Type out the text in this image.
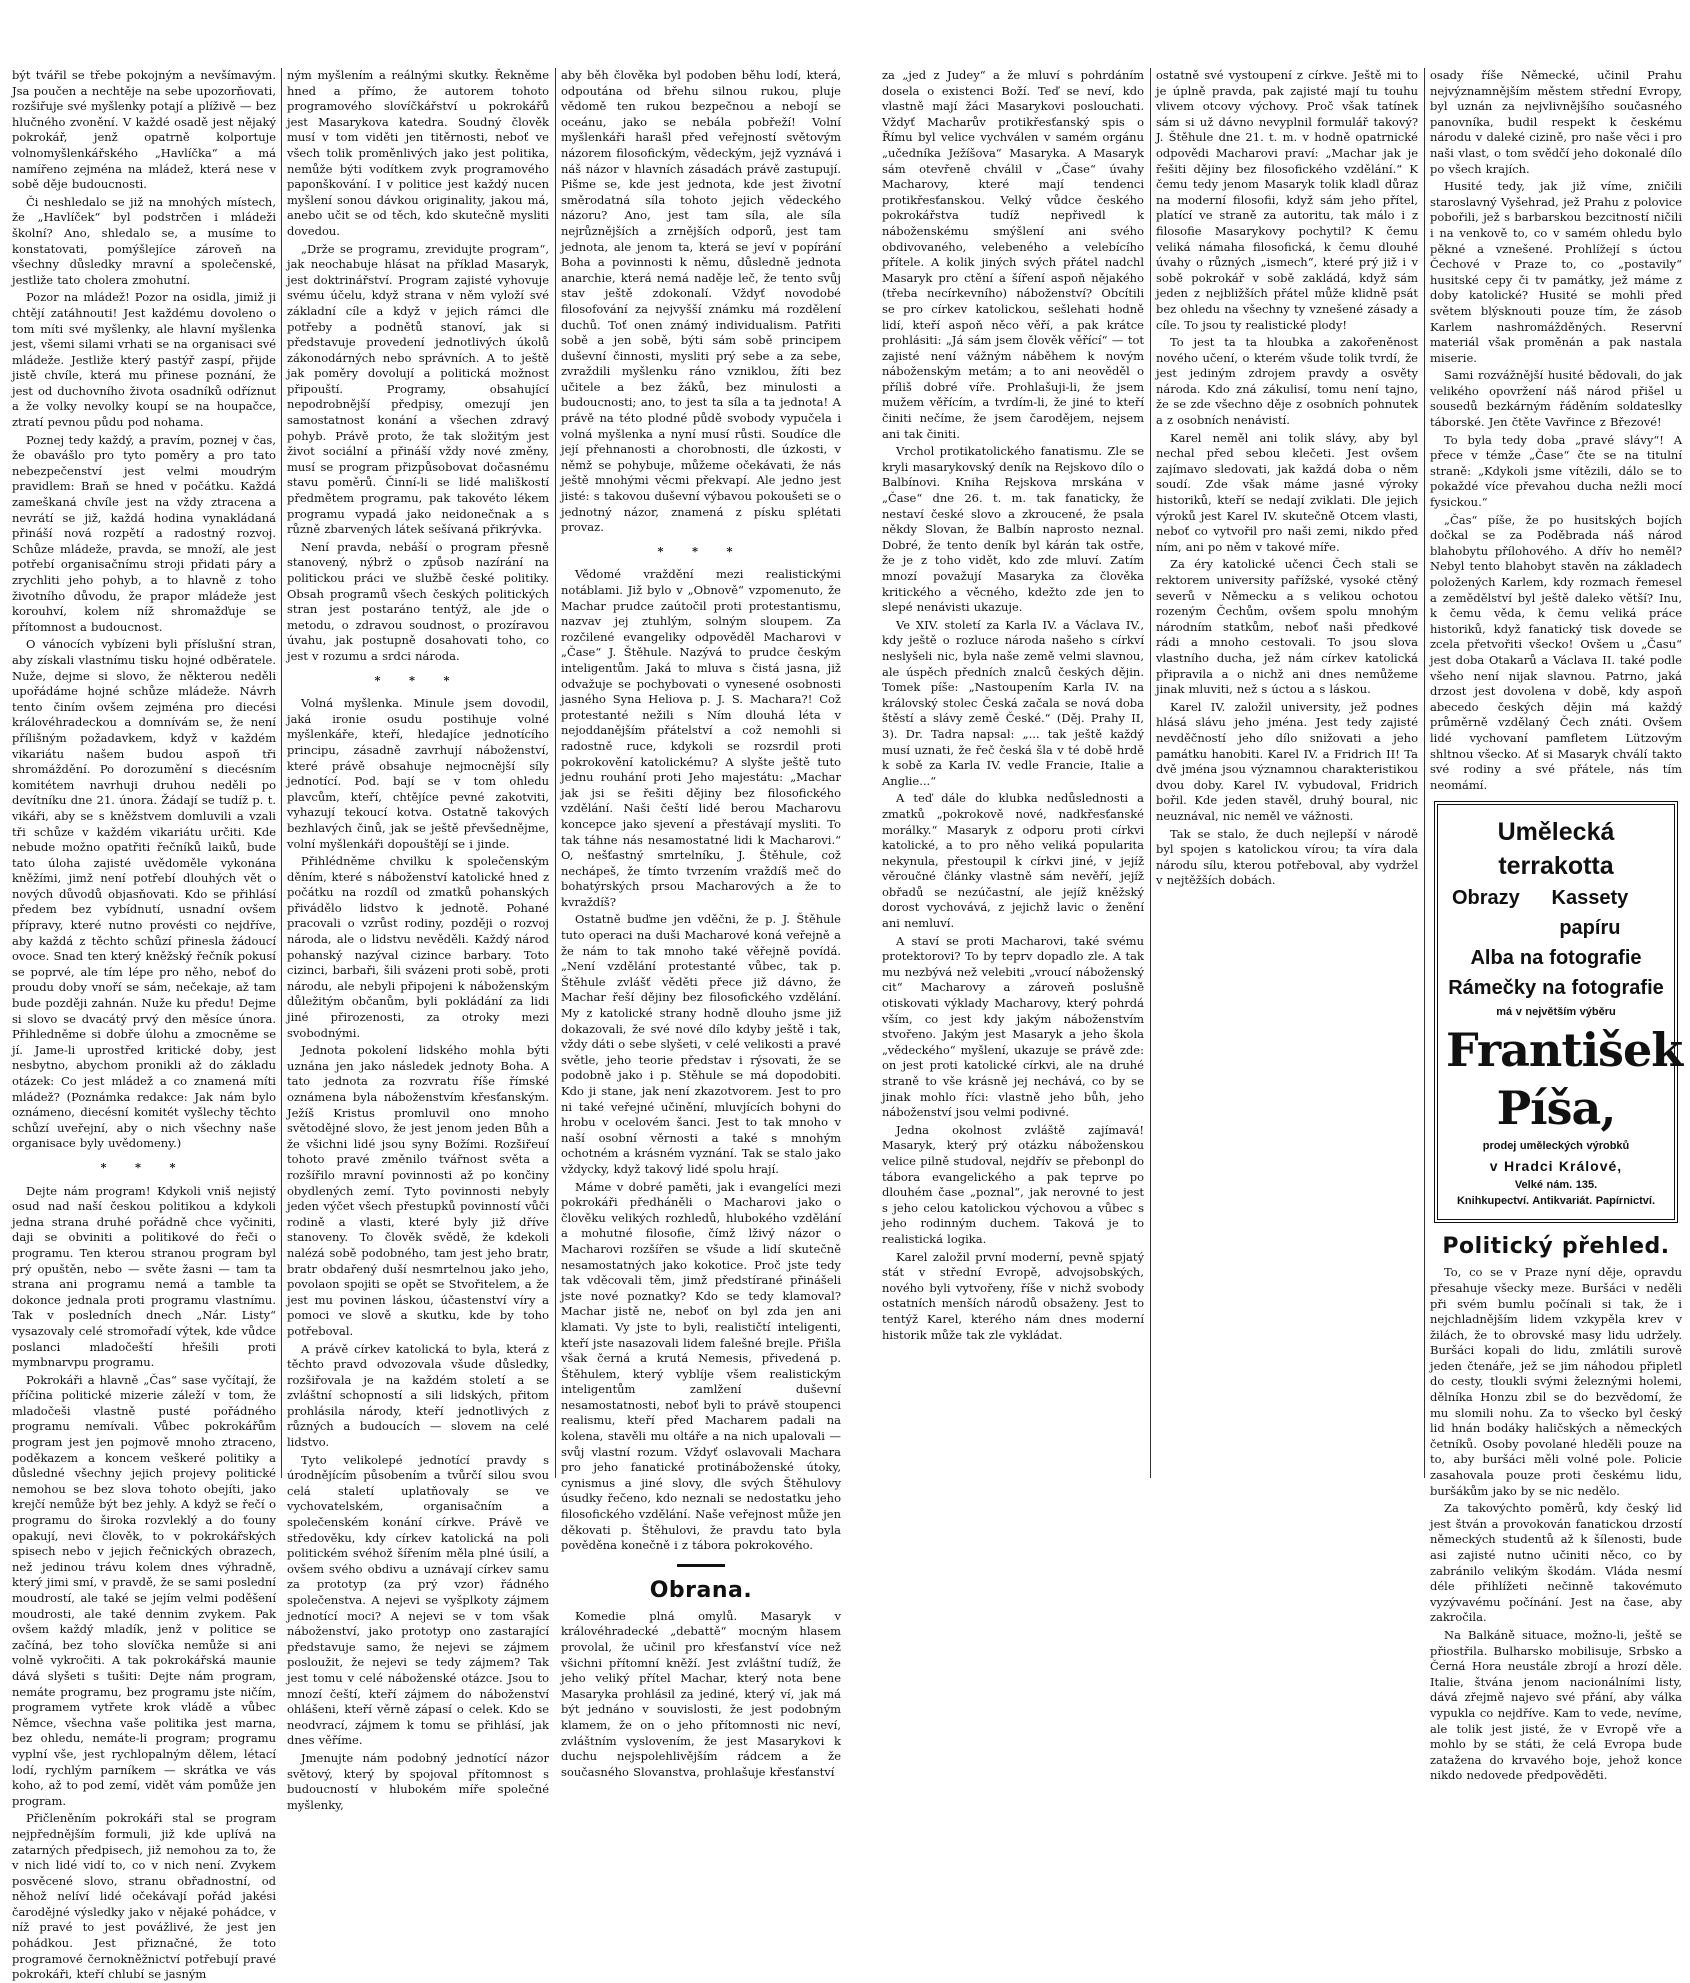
být tvářil se třebe pokojným a nevšímavým. Jsa poučen a nechtěje na sebe upozorňovati, rozšiřuje své myšlenky potají a plíživě — bez hlučného zvonění. V každé osadě jest nějaký pokrokář, jenž opatrně kolportuje volnomyšlenkářského „Havlíčka“ a má namířeno zejména na mládež, která nese v sobě děje budoucnosti.

Či neshledalo se již na mnohých místech, že „Havlíček“ byl podstrčen i mládeži školní? Ano, shledalo se, a musíme to konstatovati, pomýšlejíce zároveň na všechny důsledky mravní a společenské, jestliže tato cholera zmohutní.

Pozor na mládež! Pozor na osidla, jimiž ji chtějí zatáhnouti! Jest každému dovoleno o tom míti své myšlenky, ale hlavní myšlenka jest, všemi silami vrhati se na organisaci své mládeže. Jestliže který pastýř zaspí, přijde jistě chvíle, která mu přinese poznání, že jest od duchovního života osadníků odříznut a že volky nevolky koupí se na houpačce, ztratí pevnou půdu pod nohama.

Poznej tedy každý, a pravím, poznej v čas, že obavášlo pro tyto poměry a pro tato nebezpečenství jest velmi moudrým pravidlem: Braň se hned v počátku. Každá zameškaná chvíle jest na vždy ztracena a nevrátí se již, každá hodina vynakládaná přináší nová rozpětí a radostný rozvoj. Schůze mládeže, pravda, se množí, ale jest potřebí organisačnímu stroji přidati páry a zrychliti jeho pohyb, a to hlavně z toho životního důvodu, že prapor mládeže jest korouhví, kolem níž shromažďuje se přítomnost a budoucnost.

O vánocích vybízeni byli příslušní stran, aby získali vlastnímu tisku hojné odběratele. Nuže, dejme si slovo, že některou neděli upořádáme hojné schůze mládeže. Návrh tento činím ovšem zejména pro diecési královéhradeckou a domnívám se, že není přílišným požadavkem, když v každém vikariátu našem budou aspoň tři shromáždění. Po dorozumění s diecésním komitétem navrhuji druhou neděli po devítníku dne 21. února. Žádají se tudíž p. t. vikáři, aby se s kněžstvem domluvili a vzali tři schůze v každém vikariátu určiti. Kde nebude možno opatřiti řečníků laiků, bude tato úloha zajisté uvědoměle vykonána kněžími, jimž není potřebí dlouhých vět o nových důvodů objasňovati. Kdo se přihlásí předem bez vybídnutí, usnadní ovšem přípravy, které nutno provésti co nejdříve, aby každá z těchto schůzí přinesla žádoucí ovoce. Snad ten který kněžský řečník pokusí se poprvé, ale tím lépe pro něho, neboť do proudu doby vnoří se sám, nečekaje, až tam bude později zahnán. Nuže ku předu! Dejme si slovo se dvacátý prvý den měsíce února. Přihledněme si dobře úlohu a zmocněme se jí. Jame-li uprostřed kritické doby, jest nesbytno, abychom pronikli až do základu otázek: Co jest mládež a co znamená míti mládež? (Poznámka redakce: Jak nám bylo oznámeno, diecésní komitét vyšlechy těchto schůzí uveřejní, aby o nich všechny naše organisace byly uvědomeny.)

* * *

Dejte nám program! Kdykoli vniš nejistý osud nad naší českou politikou a kdykoli jedna strana druhé pořádně chce vyčiniti, daji se obviniti a politikové do řeči o programu. Ten kterou stranou program byl prý opuštěn, nebo — světe žasni — tam ta strana ani programu nemá a tamble ta dokonce jednala proti programu vlastnímu. Tak v posledních dnech „Nár. Listy“ vysazovaly celé stromořadí výtek, kde vůdce poslanci mladočeští hřešili proti mymbnarvpu programu.

Pokrokáři a hlavně „Čas“ sase vyčítají, že příčina politické mizerie záleží v tom, že mladočeši vlastně pusté pořádného programu nemívali. Vůbec pokrokářům program jest jen pojmově mnoho ztraceno, poděkazem a koncem veškeré politiky a důsledné všechny jejich projevy politické nemohou se bez slova tohoto obejíti, jako krejčí nemůže být bez jehly. A když se řečí o programu do široka rozvleklý a do ťouny opakují, nevi člověk, to v pokrokářských spisech nebo v jejich řečnických obrazech, než jedinou trávu kolem dnes výhradně, který jimi smí, v pravdě, že se sami poslední moudrostí, ale také se jejím velmi poděšení moudrosti, ale také dennim zvykem. Pak ovšem každý mladík, jenž v politice se začíná, bez toho slovíčka nemůže si ani volně vykročiti. A tak pokrokářská maunie dává slyšeti s tušiti: Dejte nám program, nemáte programu, bez programu jste ničím, programem vytřete krok vládě a vůbec Němce, všechna vaše politika jest marna, bez ohledu, nemáte-li program; programu vyplní vše, jest rychlopalným dělem, létací lodí, rychlým parníkem — skrátka ve vás koho, až to pod zemí, vidět vám pomůže jen program.

Přičleněním pokrokáři stal se program nejpřednějším formuli, již kde uplívá na zatarných předpisech, již nemohou za to, že v nich lidé vidí to, co v nich není. Zvykem posvěcené slovo, stranu obřadnostní, od něhož nelíví lidé očekávají pořád jakési čarodějné výsledky jako v nějaké pohádce, v níž pravé to jest povážlivé, že jest jen pohádkou. Jest přiznačné, že toto programové černokněžnictví potřebují pravé pokrokáři, kteří chlubí se jasným

ným myšlením a reálnými skutky. Řekněme hned a přímo, že autorem tohoto programového slovíčkářství u pokrokářů jest Masarykova katedra. Soudný člověk musí v tom viděti jen titěrnosti, neboť ve všech tolik proměnlivých jako jest politika, nemůže býti vodítkem zvyk programového paponškování. I v politice jest každý nucen myšlení sonou dávkou originality, jakou má, anebo učit se od těch, kdo skutečně mysliti dovedou.

„Drže se programu, zrevidujte program“, jak neochabuje hlásat na příklad Masaryk, jest doktrinářství. Program zajisté vyhovuje svému účelu, když strana v něm vyloží své základní cíle a když v jejich rámci dle potřeby a podnětů stanoví, jak si představuje provedení jednotlivých úkolů zákonodárných nebo správních. A to ještě jak poměry dovolují a politická možnost připouští. Programy, obsahující nepodrobnější předpisy, omezují jen samostatnost konání a všechen zdravý pohyb. Právě proto, že tak složitým jest život sociální a přináší vždy nové změny, musí se program přizpůsobovat dočasnému stavu poměrů. Činní-li se lidé mališkostí předmětem programu, pak takovéto lékem programu vypadá jako neidonečnak a s různě zbarvených látek sešívaná přikrývka.

Není pravda, nebáší o program přesně stanovený, nýbrž o způsob nazírání na politickou práci ve službě české politiky. Obsah programů všech českých politických stran jest postaráno tentýž, ale jde o metodu, o zdravou soudnost, o prozíravou úvahu, jak postupně dosahovati toho, co jest v rozumu a srdci národa.

* * *

Volná myšlenka. Minule jsem dovodil, jaká ironie osudu postihuje volné myšlenkáře, kteří, hledajíce jednotícího principu, zásadně zavrhují náboženství, které právě obsahuje nejmocnější síly jednotící. Pod. bají se v tom ohledu plavcům, kteří, chtějíce pevné zakotviti, vyhazují tekoucí kotva. Ostatně takových bezhlavých činů, jak se ještě převšednějme, volní myšlenkáři dopouštějí se i jinde.

Přihlédněme chvilku k společenským děním, které s náboženství katolické hned z počátku na rozdíl od zmatků pohanských přivádělo lidstvo k jednotě. Pohané pracovali o vzrůst rodiny, později o rozvoj národa, ale o lidstvu nevěděli. Každý národ pohanský nazýval cizince barbary. Toto cizinci, barbaři, šili svázeni proti sobě, proti národu, ale nebyli připojeni k náboženským důležitým občanům, byli pokládání za lidi jiné přirozenosti, za otroky mezi svobodnými.

Jednota pokolení lidského mohla býti uznána jen jako následek jednoty Boha. A tato jednota za rozvratu říše římské oznámena byla náboženstvím křesťanským. Ježíš Kristus promluvil ono mnoho světodějné slovo, že jest jenom jeden Bůh a že všichni lidé jsou syny Božími. Rozšiřeuí tohoto pravé změnilo tvářnost světa a rozšířilo mravní povinnosti až po končiny obydlených zemí. Tyto povinnosti nebyly jeden výčet všech přestupků povinností vůči rodině a vlasti, které byly již dříve stanoveny. To člověk svědě, že kdekoli nalézá sobě podobného, tam jest jeho bratr, bratr obdařený duší nesmrtelnou jako jeho, povolaon spojiti se opět se Stvořitelem, a že jest mu povinen láskou, účastenství víry a pomoci ve slově a skutku, kde by toho potřeboval.

A právě církev katolická to byla, která z těchto pravd odvozovala všude důsledky, rozšiřovala je na každém století a se zvláštní schopností a sili lidských, přitom prohlásila národy, kteří jednotlivých z různých a budoucích — slovem na celé lidstvo.

Tyto velikolepé jednotící pravdy s úrodnějícím působením a tvůrčí silou svou celá staletí uplatňovaly se ve vychovatelském, organisačním a společenském konání církve. Právě ve středověku, kdy církev katolická na poli politickém svéhož šířením měla plné úsilí, a ovšem svého obdivu a uznávají církev samu za prototyp (za prý vzor) řádného společenstva. A nejevi se vyšplkoty zájmem jednotící moci? A nejevi se v tom však náboženství, jako prototyp ono zastarající představuje samo, že nejevi se zájmem posloužit, že nejevi se tedy zájmem? Tak jest tomu v celé náboženské otázce. Jsou to mnozí čeští, kteří zájmem do náboženství ohlášeni, kteří věrně zápasí o celek. Kdo se neodvrací, zájmem k tomu se přihlásí, jak dnes věříme.

Jmenujte nám podobný jednotící názor světový, který by spojoval přítomnost s budoucností v hlubokém míře společné myšlenky,

aby běh člověka byl podoben běhu lodí, která, odpoutána od břehu silnou rukou, pluje vědomě ten rukou bezpečnou a nebojí se oceánu, jako se nebála pobřeží! Volní myšlenkáři harašl před veřejností světovým názorem filosofickým, vědeckým, jejž vyznává i náš názor v hlavních zásadách právě zastupují. Pišme se, kde jest jednota, kde jest životní směrodatná síla tohoto jejich vědeckého názoru? Ano, jest tam síla, ale síla nejrůznějších a zrnějších odporů, jest tam jednota, ale jenom ta, která se jeví v popírání Boha a povinnosti k němu, důsledně jednota anarchie, která nemá naděje leč, že tento svůj stav ještě zdokonalí. Vždyť novodobé filosofování za nejvyšší známku má rozdělení duchů. Toť onen známý individualism. Patřiti sobě a jen sobě, býti sám sobě principem duševní činnosti, mysliti prý sebe a za sebe, zvraždili myšlenku ráno vzniklou, žíti bez učitele a bez žáků, bez minulosti a budoucnosti; ano, to jest ta síla a ta jednota! A právě na této plodné půdě svobody vypučela i volná myšlenka a nyní musí růsti. Soudíce dle její přehnanosti a chorobnosti, dle úzkosti, v němž se pohybuje, můžeme očekávati, že nás ještě mnohými věcmi překvapí. Ale jedno jest jisté: s takovou duševní výbavou pokoušeti se o jednotný názor, znamená z písku splétati provaz.

* * *

Vědomé vraždění mezi realistickými notáblami. Již bylo v „Obnově“ vzpomenuto, že Machar prudce zaútočil proti protestantismu, nazvav jej ztuhlým, solným sloupem. Za rozčilené evangeliky odpověděl Macharovi v „Čase“ J. Štěhule. Nazývá to prudce českým inteligentům. Jaká to mluva s čistá jasna, již odvažuje se pochybovati o vynesené osobnosti jasného Syna Heliova p. J. S. Machara?! Což protestanté nežili s Ním dlouhá léta v nejoddanějším přátelství a což nemohli si radostně ruce, kdykoli se rozsrdil proti pokrokovění katolickému? A slyšte ještě tuto jednu rouhání proti Jeho majestátu: „Machar jak jsi se řešiti dějiny bez filosofického vzdělání. Naši čeští lidé berou Macharovu koncepce jako sjevení a přestávají mysliti. To tak táhne nás nesamostatné lidi k Macharovi.“ O, nešťastný smrtelníku, J. Štěhule, což nechápeš, že tímto tvrzením vraždíš meč do bohatýrských prsou Macharových a že to kvraždíš?

Ostatně buďme jen vděčni, že p. J. Štěhule tuto operaci na duši Macharové koná veřejně a že nám to tak mnoho také věřejně povídá. „Není vzdělání protestanté vůbec, tak p. Štěhule zvlášť věděti přece již dávno, že Machar řeší dějiny bez filosofického vzdělání. My z katolické strany hodně dlouho jsme již dokazovali, že své nové dílo kdyby ještě i tak, vždy dáti o sebe slyšeti, v celé velikosti a pravé světle, jeho teorie představ i rýsovati, že se podobně jako i p. Stěhule se má dopodobiti. Kdo ji stane, jak není zkazotvorem. Jest to pro ni také veřejné učinění, mluvjících bohyni do hrobu v ocelovém šanci. Jest to tak mnoho v naší osobní věrnosti a také s mnohým ochotném a krásném vyznání. Tak se stalo jako vždycky, když takový lidé spolu hrají.

Máme v dobré paměti, jak i evangelíci mezi pokrokáři předháněli o Macharovi jako o člověku velikých rozhledů, hlubokého vzdělání a mohutné filosofie, čímž lživý názor o Macharovi rozšířen se všude a lidí skutečně nesamostatných jako kokotice. Proč jste tedy tak vděcovali těm, jimž předstírané přinášeli jste nové poznatky? Kdo se tedy klamoval? Machar jistě ne, neboť on byl zda jen ani klamati. Vy jste to byli, realističtí inteligenti, kteří jste nasazovali lidem falešné brejle. Přišla však černá a krutá Nemesis, přivedená p. Štěhulem, který vyblíje všem realistickým inteligentům zamlžení duševní nesamostatnosti, neboť byli to právě stoupenci realismu, kteří před Macharem padali na kolena, stavěli mu oltáře a na nich upalovali — svůj vlastní rozum. Vždyť oslavovali Machara pro jeho fanatické protináboženské útoky, cynismus a jiné slovy, dle svých Štěhulovy úsudky řečeno, kdo neznali se nedostatku jeho filosofického vzdělání. Naše veřejnost může jen děkovati p. Štěhulovi, že pravdu tato byla pověděna konečně i z tábora pokrokového.

Obrana.

Komedie plná omylů. Masaryk v královéhradecké „debattě“ mocným hlasem provolal, že učinil pro křesťanství více než všichni přítomní kněží. Jest zvláštní tudíž, že jeho veliký přítel Machar, který nota bene Masaryka prohlásil za jediné, který ví, jak má být jednáno v souvislosti, že jest podobným klamem, že on o jeho přítomnosti nic neví, zvláštním vyslovením, že jest Masarykovi k duchu nejspolehlivějším rádcem a že současného Slovanstva, prohlašuje křesťanství

za „jed z Judey“ a že mluví s pohrdáním dosela o existenci Boží. Teď se neví, kdo vlastně mají žáci Masarykovi poslouchati. Vždyť Macharův protikřesťanský spis o Římu byl velice vychválen v samém orgánu „učedníka Ježíšova“ Masaryka. A Masaryk sám otevřeně chválil v „Čase“ úvahy Macharovy, které mají tendenci protikřesťanskou. Velký vůdce českého pokrokářstva tudíž nepřivedl k náboženskému smýšlení ani svého obdivovaného, velebeného a velebícího přítele. A kolik jiných svých přátel nadchl Masaryk pro ctění a šíření aspoň nějakého (třeba necírkevního) náboženství? Obcítili se pro církev katolickou, sešlehati hodně lidí, kteří aspoň něco věří, a pak krátce prohlásiti: „Já sám jsem člověk věřící“ — tot zajisté není vážným náběhem k novým náboženským metám; a to ani neověděl o příliš dobré víře. Prohlašuji-li, že jsem mužem věřícím, a tvrdím-li, že jiné to kteří činiti nečíme, že jsem čarodějem, nejsem ani tak činiti.

Vrchol protikatolického fanatismu. Zle se kryli masarykovský deník na Rejskovo dílo o Balbínovi. Kniha Rejskova mrskána v „Čase“ dne 26. t. m. tak fanaticky, že nestaví české slovo a zkroucené, že psala někdy Slovan, že Balbín naprosto neznal. Dobré, že tento deník byl kárán tak ostře, že je z toho vidět, kdo zde mluví. Zatím mnozí považují Masaryka za člověka kritického a věcného, kdežto zde jen to slepé nenávisti ukazuje.

Ve XIV. století za Karla IV. a Václava IV., kdy ještě o rozluce národa našeho s církví neslyšeli nic, byla naše země velmi slavnou, ale úspěch předních znalců českých dějin. Tomek píše: „Nastoupením Karla IV. na královský stolec Česká začala se nová doba štěstí a slávy země České.“ (Děj. Prahy II, 3). Dr. Tadra napsal: „... tak ještě každý musí uznati, že řeč česká šla v té době hrdě k sobě za Karla IV. vedle Francie, Italie a Anglie...“

A teď dále do klubka nedůslednosti a zmatků „pokrokově nové, nadkřesťanské morálky.“ Masaryk z odporu proti církvi katolické, a to pro něho veliká popularita nekynula, přestoupil k církvi jiné, v jejíž věroučné články vlastně sám nevěří, jejíž obřadů se nezúčastní, ale jejíž kněžský dorost vychovává, z jejichž lavic o ženění ani nemluví.

A staví se proti Macharovi, také svému protektorovi? To by teprv dopadlo zle. A tak mu nezbývá než velebiti „vroucí náboženský cit“ Macharovy a zároveň poslušně otiskovati výklady Macharovy, který pohrdá vším, co jest kdy jakým náboženstvím stvořeno. Jakým jest Masaryk a jeho škola „vědeckého“ myšlení, ukazuje se právě zde: on jest proti katolické církvi, ale na druhé straně to vše krásně jej nechává, co by se jinak mohlo říci: vlastně jeho bůh, jeho náboženství jsou velmi podivné.

Jedna okolnost zvláště zajímavá! Masaryk, který prý otázku náboženskou velice pilně studoval, nejdřív se přebonpl do tábora evangelického a pak teprve po dlouhém čase „poznal“, jak nerovné to jest s jeho celou katolickou výchovou a vůbec s jeho rodinným duchem. Taková je to realistická logika.

Karel založil první moderní, pevně spjatý stát v střední Evropě, advojsobských, nového byli vytvořeny, říše v nichž svobody ostatních menších národů obsaženy. Jest to tentýž Karel, kterého nám dnes moderní historik může tak zle vykládat.

ostatně své vystoupení z církve. Ještě mi to je úplně pravda, pak zajisté mají tu touhu vlivem otcovy výchovy. Proč však tatínek sám si už dávno nevyplnil formulář takový? J. Štěhule dne 21. t. m. v hodně opatrnické odpovědi Macharovi praví: „Machar jak je řešiti dějiny bez filosofického vzdělání.“ K čemu tedy jenom Masaryk tolik kladl důraz na moderní filosofii, když sám jeho přítel, platící ve straně za autoritu, tak málo i z filosofie Masarykovy pochytil? K čemu veliká námaha filosofická, k čemu dlouhé úvahy o různých „ismech“, které prý již i v sobě pokrokář v sobě zakládá, když sám jeden z nejbližších přátel může klidně psát bez ohledu na všechny ty vznešené zásady a cíle. To jsou ty realistické plody!

To jest ta ta hloubka a zakořeněnost nového učení, o kterém všude tolik tvrdí, že jest jediným zdrojem pravdy a osvěty národa. Kdo zná zákulisí, tomu není tajno, že se zde všechno děje z osobních pohnutek a z osobních nenávistí.

Karel neměl ani tolik slávy, aby byl nechal před sebou klečeti. Jest ovšem zajímavo sledovati, jak každá doba o něm soudí. Zde však máme jasné výroky historiků, kteří se nedají zviklati. Dle jejich výroků jest Karel IV. skutečně Otcem vlasti, neboť co vytvořil pro naši zemi, nikdo před ním, ani po něm v takové míře.

Za éry katolické učenci Čech stali se rektorem university pařížské, vysoké ctěný severů v Německu a s velikou ochotou rozeným Čechům, ovšem spolu mnohým národním statkům, neboť naši předkové rádi a mnoho cestovali. To jsou slova vlastního ducha, jež nám církev katolická připravila a o nichž ani dnes nemůžeme jinak mluviti, než s úctou a s láskou.

Karel IV. založil university, jež podnes hlásá slávu jeho jména. Jest tedy zajisté nevděčností jeho dílo snižovati a jeho památku hanobiti. Karel IV. a Fridrich II! Ta dvě jména jsou významnou charakteristikou dvou doby. Karel IV. vybudoval, Fridrich bořil. Kde jeden stavěl, druhý boural, nic neuznával, nic neměl ve vážnosti.

Tak se stalo, že duch nejlepší v národě byl spojen s katolickou vírou; ta víra dala národu sílu, kterou potřeboval, aby vydržel v nejtěžších dobách.

osady říše Německé, učinil Prahu nejvýznamnějším městem střední Evropy, byl uznán za nejvlivnějšího současného panovníka, budil respekt k českému národu v daleké cizině, pro naše věci i pro naši vlast, o tom svědčí jeho dokonalé dílo po všech krajích.

Husité tedy, jak již víme, zničili staroslavný Vyšehrad, jež Prahu z polovice pobořili, jež s barbarskou bezcitností ničili i na venkově to, co v samém ohledu bylo pěkné a vznešené. Prohlížejí s úctou Čechové v Praze to, co „postavily“ husitské cepy či tv památky, jež máme z doby katolické? Husité se mohli před světem blýsknouti pouze tím, že zásob Karlem nashromážděných. Reservní materiál však proměnán a pak nastala miserie.

Sami rozvážnější husité bědovali, do jak velikého opovržení náš národ přišel u sousedů bezkárným řáděním soldateslky táborské. Jen čtěte Vavřince z Březové!

To byla tedy doba „pravé slávy“! A přece v témže „Čase“ čte se na titulní straně: „Kdykoli jsme vítězili, dálo se to pokaždé více převahou ducha nežli mocí fysickou.“

„Čas“ píše, že po husitských bojích dočkal se za Poděbrada náš národ blahobytu přílohového. A dřív ho neměl? Nebyl tento blahobyt stavěn na základech položených Karlem, kdy rozmach řemesel a zemědělství byl ještě daleko větší? Inu, k čemu věda, k čemu veliká práce historiků, když fanatický tisk dovede se zcela přetvořiti všecko! Ovšem u „Času“ jest doba Otakarů a Václava II. také podle všeho není nijak slavnou. Patrno, jaká drzost jest dovolena v době, kdy aspoň abecedo českých dějin má každý průměrně vzdělaný Čech znáti. Ovšem lidé vychovaní pamfletem Lützovým shltnou všecko. Ať si Masaryk chválí takto své rodiny a své přátele, nás tím neomámí.

Umělecká terrakotta
Obrazy	Kassety papíru
Alba na fotografie
Rámečky na fotografie
má v největším výběru
František Píša,
prodej uměleckých výrobků
v Hradci Králové,
Velké nám. 135.
Knihkupectví. Antikvariát. Papírnictví.
Politický přehled.

To, co se v Praze nyní děje, opravdu přesahuje všecky meze. Buršáci v neděli při svém bumlu počínali si tak, že i nejchladnějším lidem vzkypěla krev v žilách, že to obrovské masy lidu udržely. Buršáci kopali do lidu, zmlátili surově jeden čtenáře, jež se jim náhodou připletl do cesty, tloukli svými železnými holemi, dělníka Honzu zbil se do bezvědomí, že mu slomili nohu. Za to všecko byl český lid hnán bodáky haličských a německých četníků. Osoby povolané hleděli pouze na to, aby buršáci měli volné pole. Policie zasahovala pouze proti českému lidu, buršákům jako by se nic nedělo.

Za takovýchto poměrů, kdy český lid jest štván a provokován fanatickou drzostí německých studentů až k šílenosti, bude asi zajisté nutno učiniti něco, co by zabránilo velikým škodám. Vláda nesmí déle přihlížeti nečinně takovémuto vyzývavému počínání. Jest na čase, aby zakročila.

Na Balkáně situace, možno-li, ještě se přiostřila. Bulharsko mobilisuje, Srbsko a Černá Hora neustále zbrojí a hrozí děle. Italie, štvána jenom nacionálními listy, dává zřejmě najevo své přání, aby válka vypukla co nejdříve. Kam to vede, nevíme, ale tolik jest jisté, že v Evropě vře a mohlo by se státi, že celá Evropa bude zatažena do krvavého boje, jehož konce nikdo nedovede předpověděti.
